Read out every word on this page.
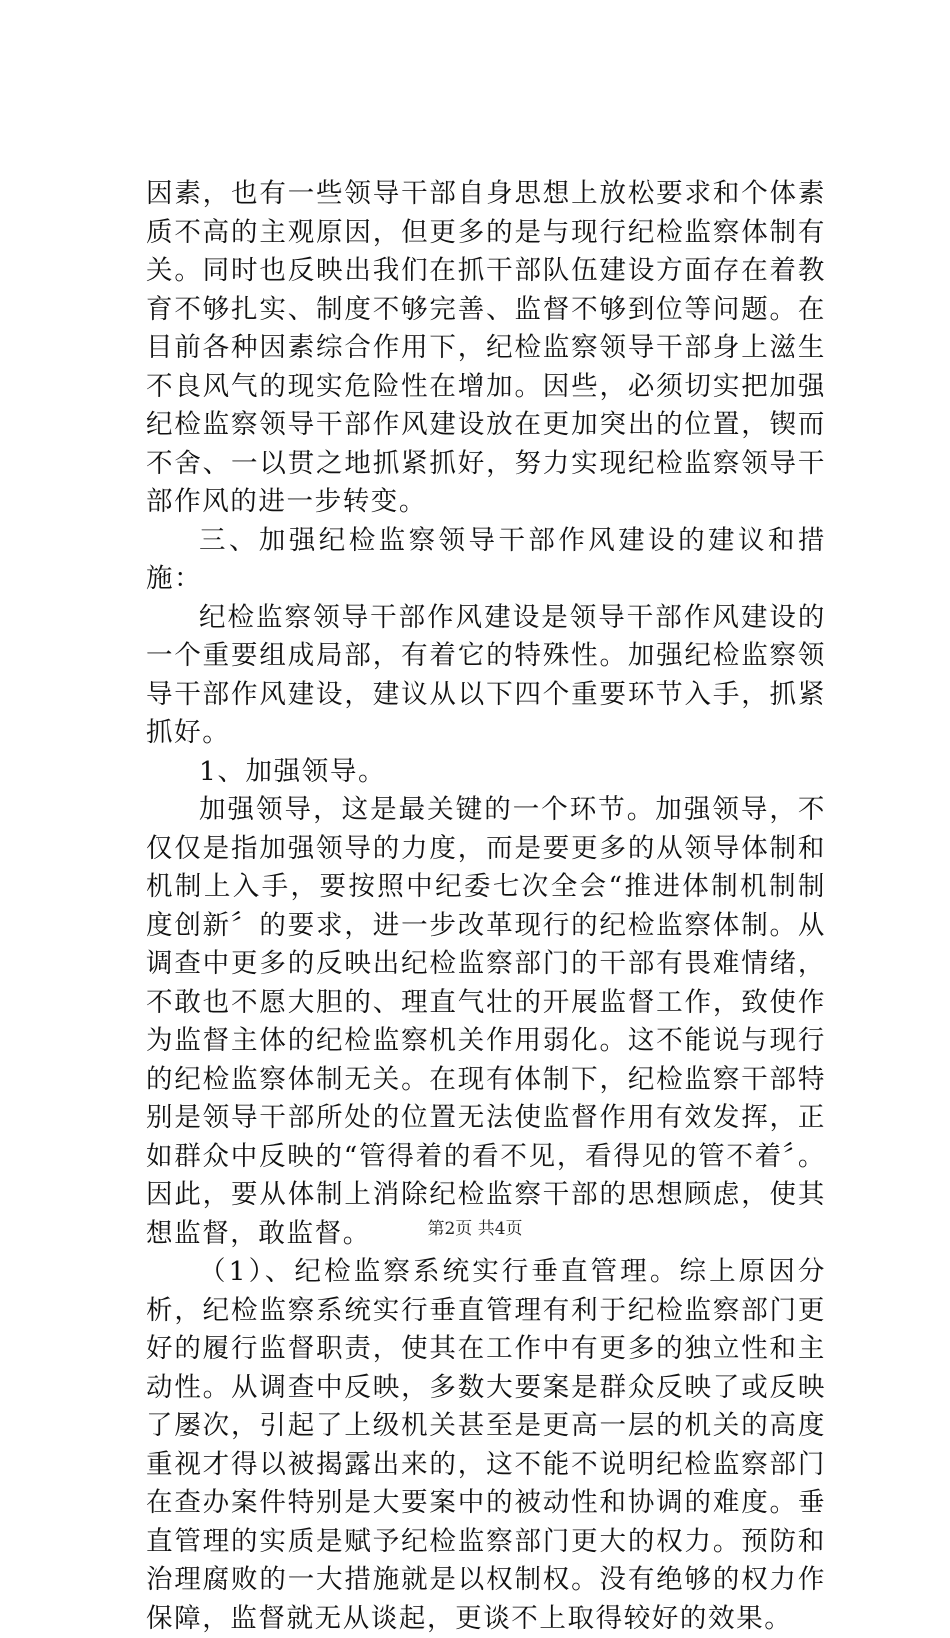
因素，也有一些领导干部自身思想上放松要求和个体素质不高的主观原因，但更多的是与现行纪检监察体制有关。同时也反映出我们在抓干部队伍建设方面存在着教育不够扎实、制度不够完善、监督不够到位等问题。在目前各种因素综合作用下，纪检监察领导干部身上滋生不良风气的现实危险性在增加。因些，必须切实把加强纪检监察领导干部作风建设放在更加突出的位置，锲而不舍、一以贯之地抓紧抓好，努力实现纪检监察领导干部作风的进一步转变。

三、加强纪检监察领导干部作风建设的建议和措施：

纪检监察领导干部作风建设是领导干部作风建设的一个重要组成局部，有着它的特殊性。加强纪检监察领导干部作风建设，建议从以下四个重要环节入手，抓紧抓好。

1、加强领导。

加强领导，这是最关键的一个环节。加强领导，不仅仅是指加强领导的力度，而是要更多的从领导体制和机制上入手，要按照中纪委七次全会“推进体制机制制度创新〞的要求，进一步改革现行的纪检监察体制。从调查中更多的反映出纪检监察部门的干部有畏难情绪，不敢也不愿大胆的、理直气壮的开展监督工作，致使作为监督主体的纪检监察机关作用弱化。这不能说与现行的纪检监察体制无关。在现有体制下，纪检监察干部特别是领导干部所处的位置无法使监督作用有效发挥，正如群众中反映的“管得着的看不见，看得见的管不着〞。因此，要从体制上消除纪检监察干部的思想顾虑，使其想监督，敢监督。

（1）、纪检监察系统实行垂直管理。综上原因分析，纪检监察系统实行垂直管理有利于纪检监察部门更好的履行监督职责，使其在工作中有更多的独立性和主动性。从调查中反映，多数大要案是群众反映了或反映了屡次，引起了上级机关甚至是更高一层的机关的高度重视才得以被揭露出来的，这不能不说明纪检监察部门在查办案件特别是大要案中的被动性和协调的难度。垂直管理的实质是赋予纪检监察部门更大的权力。预防和治理腐败的一大措施就是以权制权。没有绝够的权力作保障，监督就无从谈起，更谈不上取得较好的效果。

第2页 共4页
